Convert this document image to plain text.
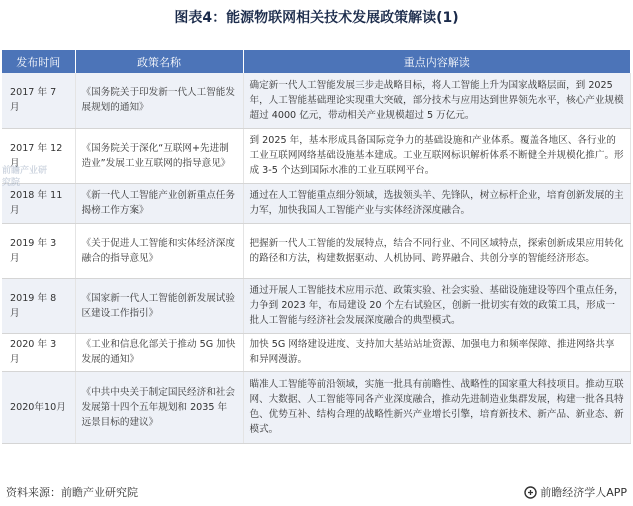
图表4：能源物联网相关技术发展政策解读(1)
发布时间	政策名称	重点内容解读
2017 年 7 月	《国务院关于印发新一代人工智能发展规划的通知》	确定新一代人工智能发展三步走战略目标，将人工智能上升为国家战略层面，到 2025 年，人工智能基础理论实现重大突破，部分技术与应用达到世界领先水平，核心产业规模超过 4000 亿元，带动相关产业规模超过 5 万亿元。
2017 年 12 月	《国务院关于深化“互联网+先进制造业”发展工业互联网的指导意见》	到 2025 年，基本形成具备国际竞争力的基础设施和产业体系。覆盖各地区、各行业的工业互联网网络基础设施基本建成。工业互联网标识解析体系不断健全并规模化推广。形成 3-5 个达到国际水准的工业互联网平台。
2018 年 11 月	《新一代人工智能产业创新重点任务揭榜工作方案》	通过在人工智能重点细分领域，选拔领头羊、先锋队，树立标杆企业，培育创新发展的主力军，加快我国人工智能产业与实体经济深度融合。
2019 年 3 月	《关于促进人工智能和实体经济深度融合的指导意见》	把握新一代人工智能的发展特点，结合不同行业、不同区域特点，探索创新成果应用转化的路径和方法，构建数据驱动、人机协同、跨界融合、共创分享的智能经济形态。
2019 年 8 月	《国家新一代人工智能创新发展试验区建设工作指引》	通过开展人工智能技术应用示范、政策实验、社会实验、基础设施建设等四个重点任务，力争到 2023 年，布局建设 20 个左右试验区，创新一批切实有效的政策工具，形成一批人工智能与经济社会发展深度融合的典型模式。
2020 年 3 月	《工业和信息化部关于推动 5G 加快发展的通知》	加快 5G 网络建设进度、支持加大基站站址资源、加强电力和频率保障、推进网络共享和异网漫游。
2020年10月	《中共中央关于制定国民经济和社会发展第十四个五年规划和 2035 年远景目标的建议》	瞄准人工智能等前沿领域，实施一批具有前瞻性、战略性的国家重大科技项目。推动互联网、大数据、人工智能等同各产业深度融合，推动先进制造业集群发展，构建一批各具特色、优势互补、结构合理的战略性新兴产业增长引擎，培育新技术、新产品、新业态、新模式。
前瞻产业研究院
资料来源：前瞻产业研究院	前瞻经济学人APP
